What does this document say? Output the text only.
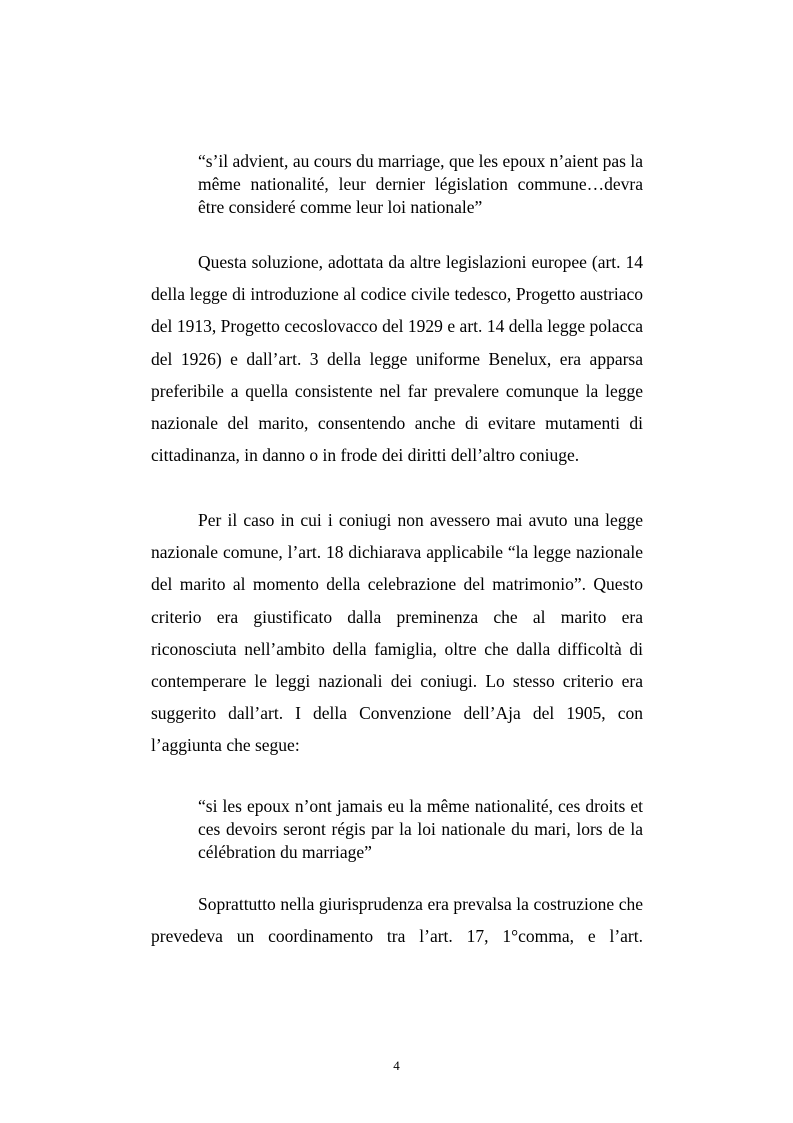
“s’il advient, au cours du marriage, que les epoux n’aient pas la même nationalité, leur dernier législation commune…devra être consideré comme leur loi nationale”

Questa soluzione, adottata da altre legislazioni europee (art. 14 della legge di introduzione al codice civile tedesco, Progetto austriaco del 1913, Progetto cecoslovacco del 1929 e art. 14 della legge polacca del 1926) e dall’art. 3 della legge uniforme Benelux, era apparsa preferibile a quella consistente nel far prevalere comunque la legge nazionale del marito, consentendo anche di evitare mutamenti di cittadinanza, in danno o in frode dei diritti dell’altro coniuge.

Per il caso in cui i coniugi non avessero mai avuto una legge nazionale comune, l’art. 18 dichiarava applicabile “la legge nazionale del marito al momento della celebrazione del matrimonio”. Questo criterio era giustificato dalla preminenza che al marito era riconosciuta nell’ambito della famiglia, oltre che dalla difficoltà di contemperare le leggi nazionali dei coniugi. Lo stesso criterio era suggerito dall’art. I della Convenzione dell’Aja del 1905, con l’aggiunta che segue:

“si les epoux n’ont jamais eu la même nationalité, ces droits et ces devoirs seront régis par la loi nationale du mari, lors de la célébration du marriage”

Soprattutto nella giurisprudenza era prevalsa la costruzione che prevedeva un coordinamento tra l’art. 17, 1°comma, e l’art.

4
